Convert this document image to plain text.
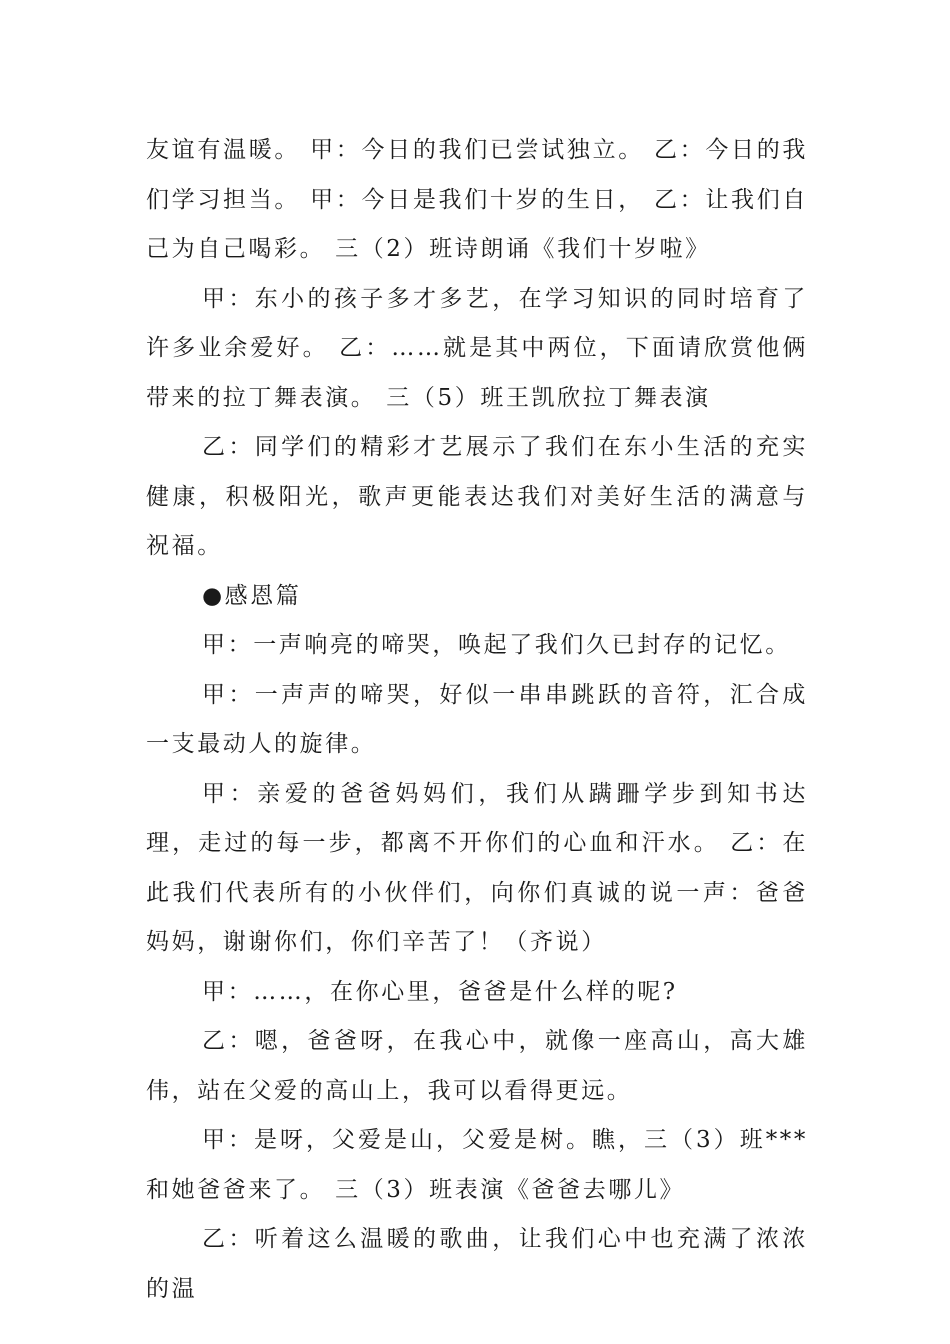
友谊有温暖。 甲：今日的我们已尝试独立。 乙：今日的我们学习担当。 甲：今日是我们十岁的生日， 乙：让我们自己为自己喝彩。 三（2）班诗朗诵《我们十岁啦》

甲：东小的孩子多才多艺，在学习知识的同时培育了许多业余爱好。 乙：……就是其中两位，下面请欣赏他俩带来的拉丁舞表演。 三（5）班王凯欣拉丁舞表演

乙：同学们的精彩才艺展示了我们在东小生活的充实健康，积极阳光，歌声更能表达我们对美好生活的满意与祝福。

●感恩篇

甲：一声响亮的啼哭，唤起了我们久已封存的记忆。

甲：一声声的啼哭，好似一串串跳跃的音符，汇合成一支最动人的旋律。

甲：亲爱的爸爸妈妈们，我们从蹒跚学步到知书达理，走过的每一步，都离不开你们的心血和汗水。 乙：在此我们代表所有的小伙伴们，向你们真诚的说一声：爸爸妈妈，谢谢你们，你们辛苦了！（齐说）

甲：……，在你心里，爸爸是什么样的呢?

乙：嗯，爸爸呀，在我心中，就像一座高山，高大雄伟，站在父爱的高山上，我可以看得更远。

甲：是呀，父爱是山，父爱是树。瞧，三（3）班***和她爸爸来了。 三（3）班表演《爸爸去哪儿》

乙：听着这么温暖的歌曲，让我们心中也充满了浓浓的温
